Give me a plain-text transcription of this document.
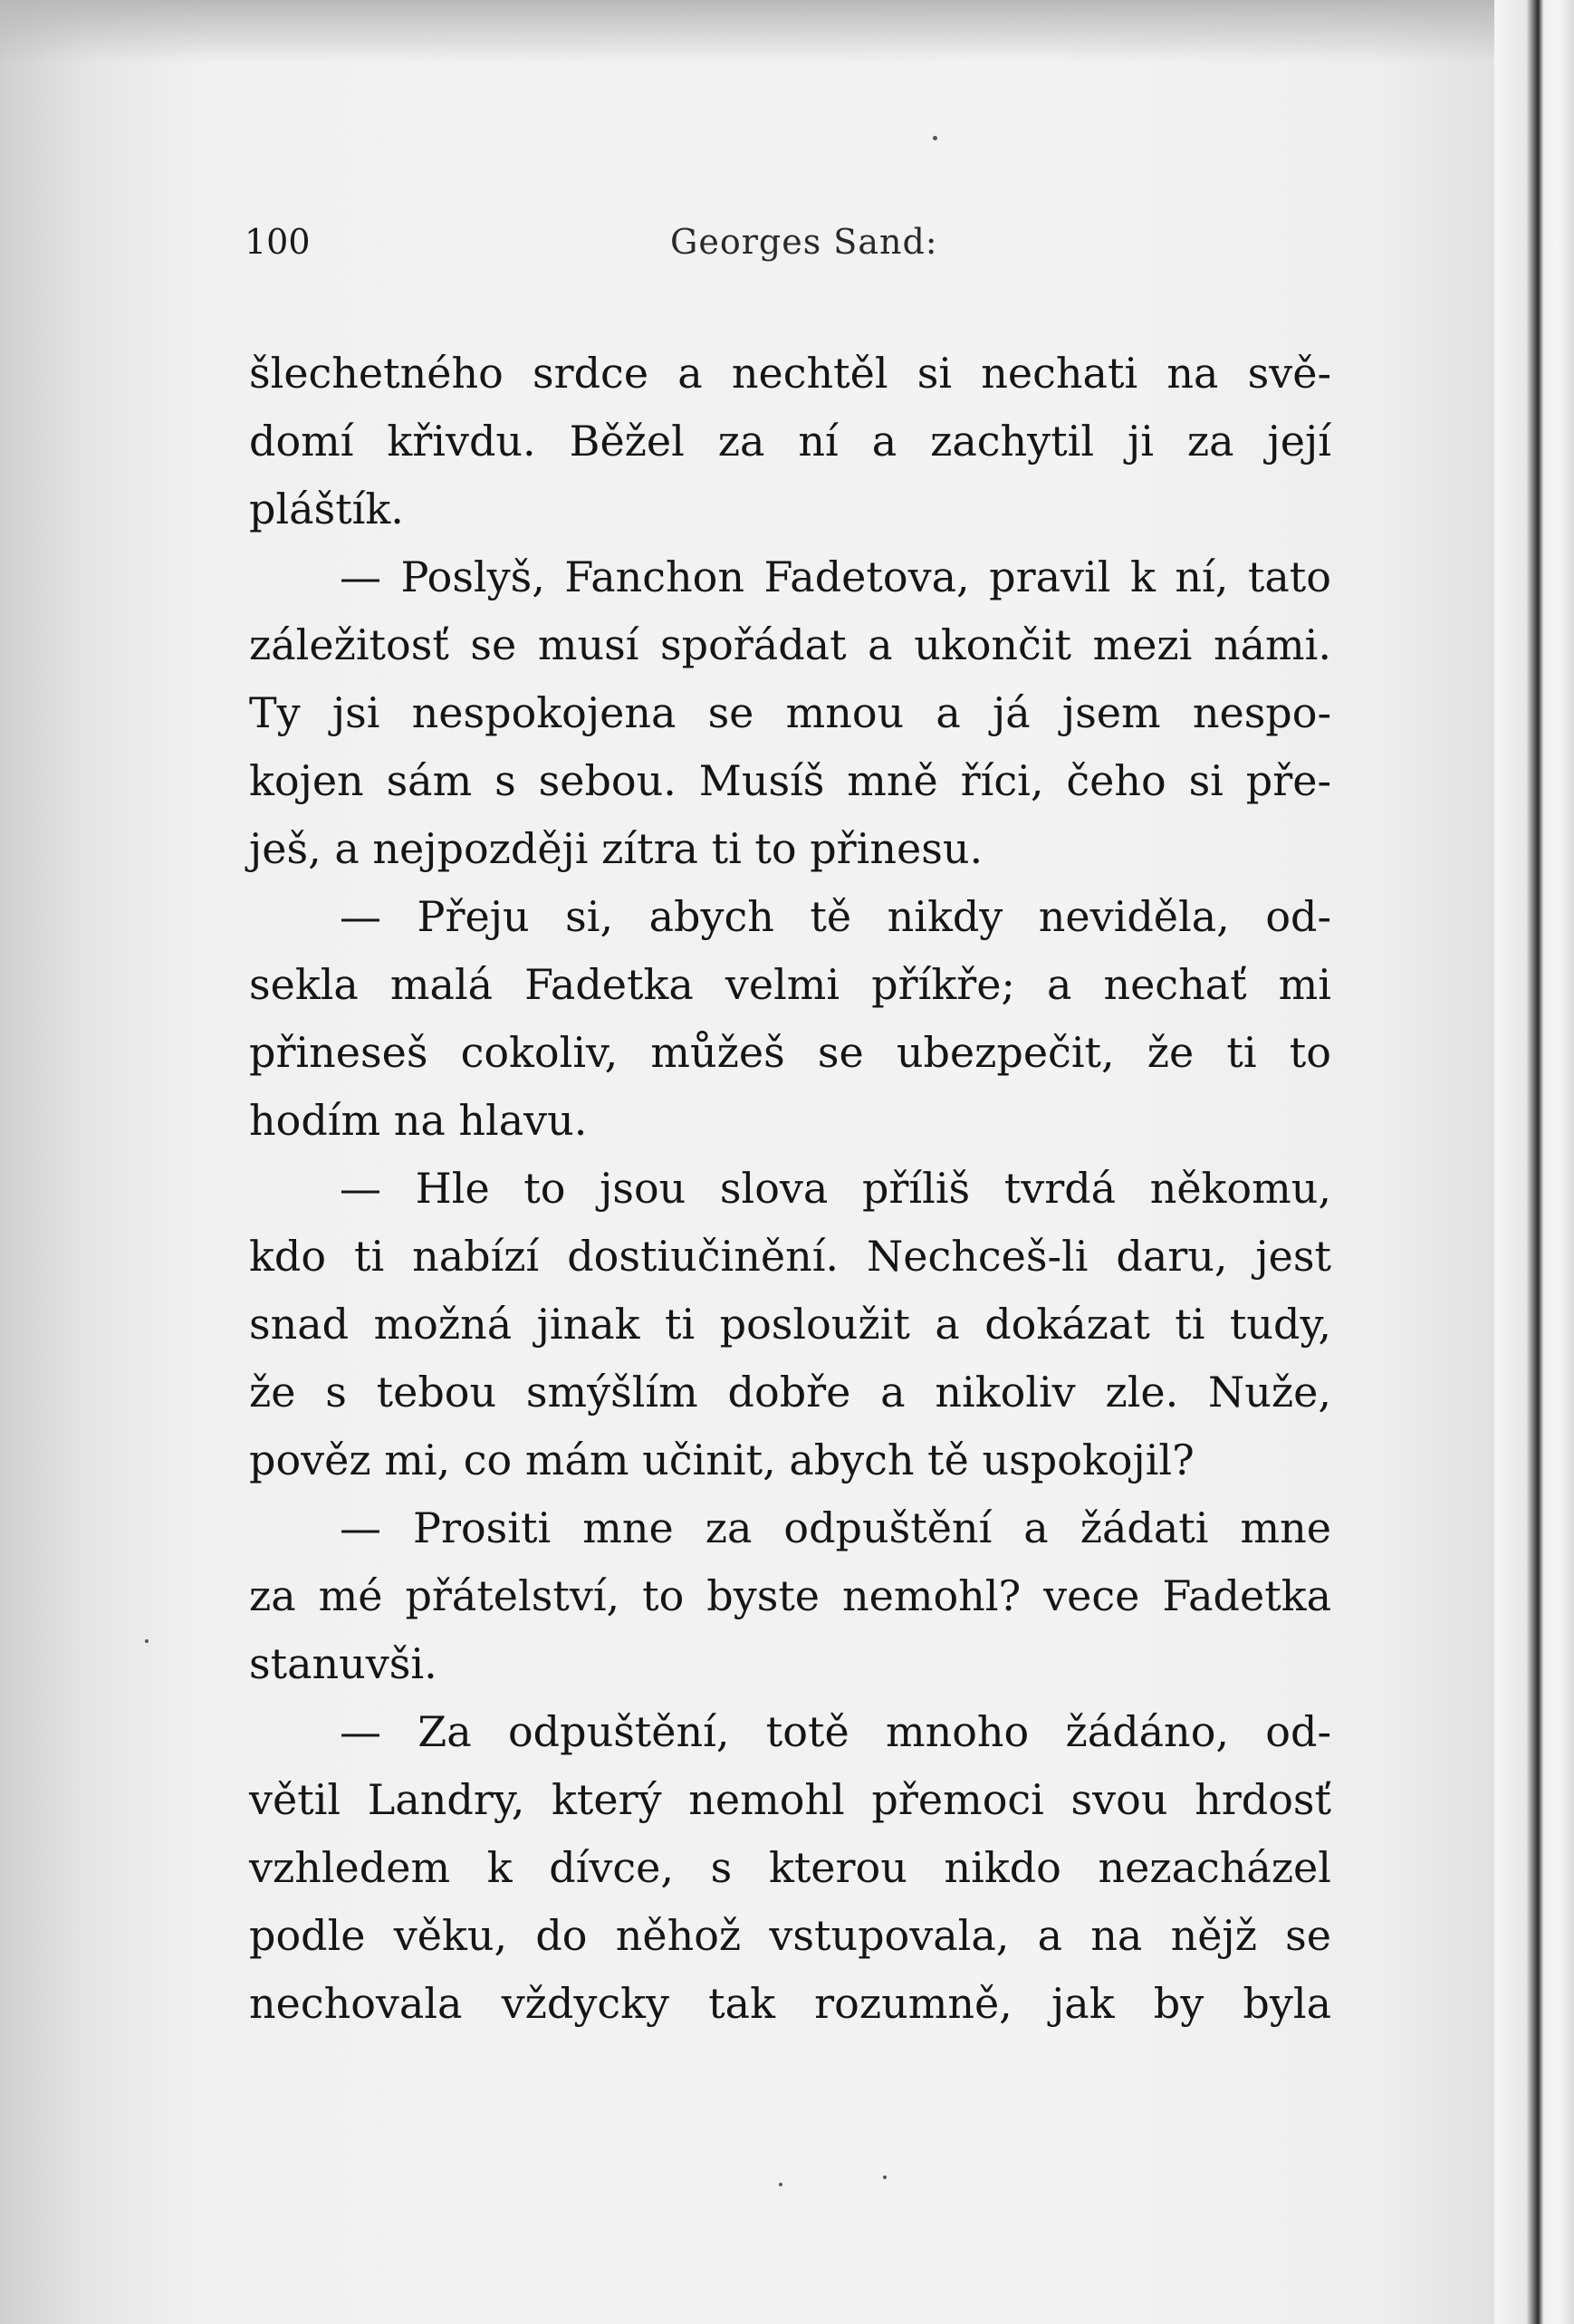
100	Georges Sand:
šlechetného srdce a nechtěl si nechati na svě-
domí křivdu. Běžel za ní a zachytil ji za její
pláštík.
— Poslyš, Fanchon Fadetova, pravil k ní, tato
záležitosť se musí spořádat a ukončit mezi námi.
Ty jsi nespokojena se mnou a já jsem nespo-
kojen sám s sebou. Musíš mně říci, čeho si pře-
ješ, a nejpozději zítra ti to přinesu.
— Přeju si, abych tě nikdy neviděla, od-
sekla malá Fadetka velmi příkře; a nechať mi
přineseš cokoliv, můžeš se ubezpečit, že ti to
hodím na hlavu.
— Hle to jsou slova příliš tvrdá někomu,
kdo ti nabízí dostiučinění. Nechceš-li daru, jest
snad možná jinak ti posloužit a dokázat ti tudy,
že s tebou smýšlím dobře a nikoliv zle. Nuže,
pověz mi, co mám učinit, abych tě uspokojil?
— Prositi mne za odpuštění a žádati mne
za mé přátelství, to byste nemohl? vece Fadetka
stanuvši.
— Za odpuštění, totě mnoho žádáno, od-
větil Landry, který nemohl přemoci svou hrdosť
vzhledem k dívce, s kterou nikdo nezacházel
podle věku, do něhož vstupovala, a na nějž se
nechovala vždycky tak rozumně, jak by byla
